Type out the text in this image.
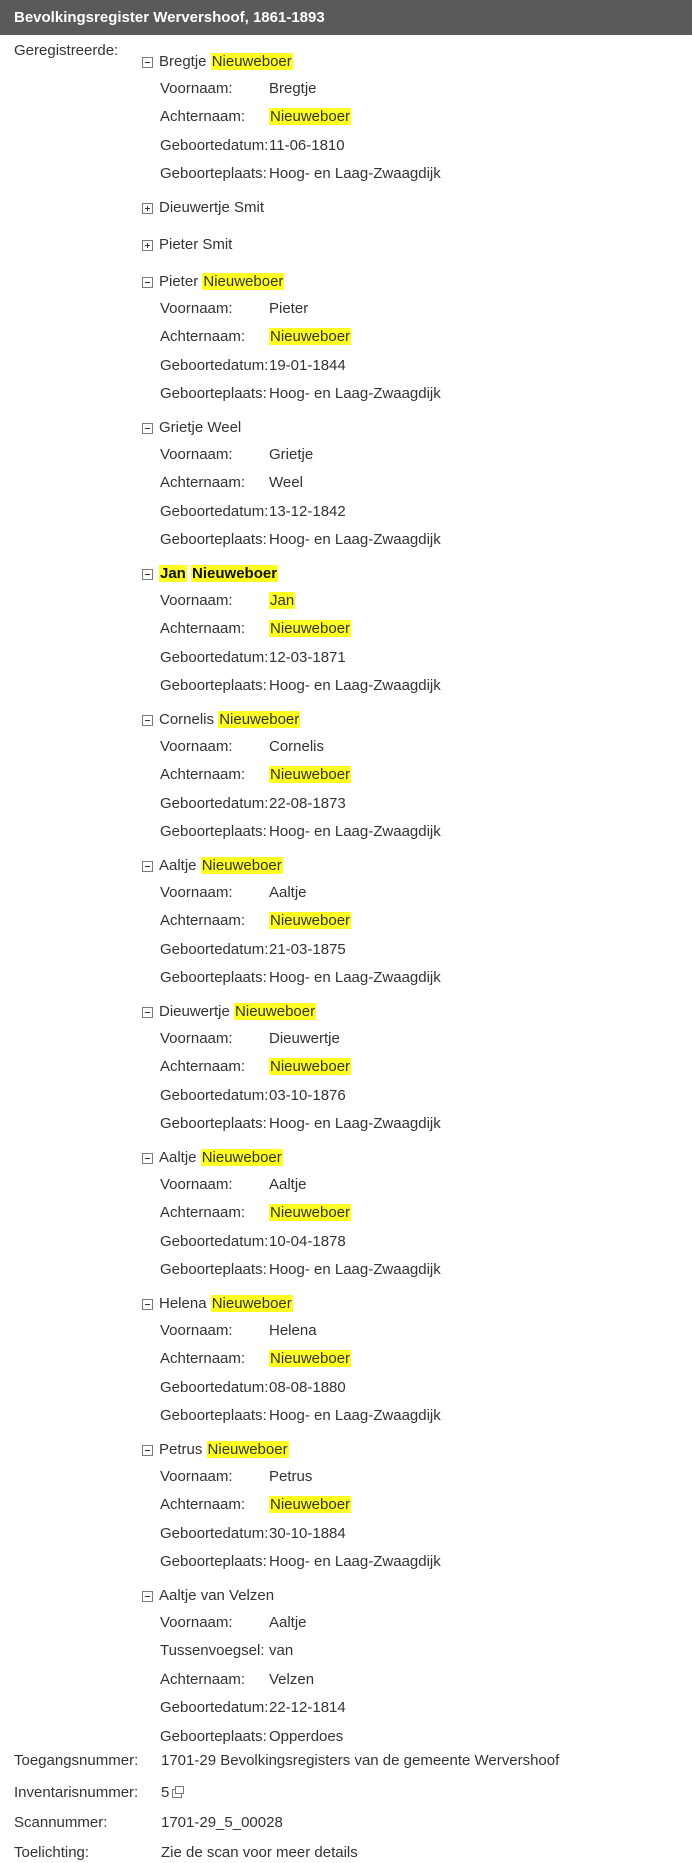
Bevolkingsregister Wervershoof, 1861-1893
Geregistreerde:
Bregtje Nieuweboer
Voornaam:	Bregtje
Achternaam:	Nieuweboer
Geboortedatum: 11-06-1810
Geboorteplaats: Hoog- en Laag-Zwaagdijk
Dieuwertje Smit
Pieter Smit
Pieter Nieuweboer
Voornaam:	Pieter
Achternaam:	Nieuweboer
Geboortedatum: 19-01-1844
Geboorteplaats: Hoog- en Laag-Zwaagdijk
Grietje Weel
Voornaam:	Grietje
Achternaam:	Weel
Geboortedatum: 13-12-1842
Geboorteplaats: Hoog- en Laag-Zwaagdijk
Jan Nieuweboer
Voornaam:	Jan
Achternaam:	Nieuweboer
Geboortedatum: 12-03-1871
Geboorteplaats: Hoog- en Laag-Zwaagdijk
Cornelis Nieuweboer
Voornaam:	Cornelis
Achternaam:	Nieuweboer
Geboortedatum: 22-08-1873
Geboorteplaats: Hoog- en Laag-Zwaagdijk
Aaltje Nieuweboer
Voornaam:	Aaltje
Achternaam:	Nieuweboer
Geboortedatum: 21-03-1875
Geboorteplaats: Hoog- en Laag-Zwaagdijk
Dieuwertje Nieuweboer
Voornaam:	Dieuwertje
Achternaam:	Nieuweboer
Geboortedatum: 03-10-1876
Geboorteplaats: Hoog- en Laag-Zwaagdijk
Aaltje Nieuweboer
Voornaam:	Aaltje
Achternaam:	Nieuweboer
Geboortedatum: 10-04-1878
Geboorteplaats: Hoog- en Laag-Zwaagdijk
Helena Nieuweboer
Voornaam:	Helena
Achternaam:	Nieuweboer
Geboortedatum: 08-08-1880
Geboorteplaats: Hoog- en Laag-Zwaagdijk
Petrus Nieuweboer
Voornaam:	Petrus
Achternaam:	Nieuweboer
Geboortedatum: 30-10-1884
Geboorteplaats: Hoog- en Laag-Zwaagdijk
Aaltje van Velzen
Voornaam:	Aaltje
Tussenvoegsel: van
Achternaam:	Velzen
Geboortedatum: 22-12-1814
Geboorteplaats: Opperdoes
Toegangsnummer:	1701-29 Bevolkingsregisters van de gemeente Wervershoof
Inventarisnummer:	5
Scannummer:	1701-29_5_00028
Toelichting:	Zie de scan voor meer details
